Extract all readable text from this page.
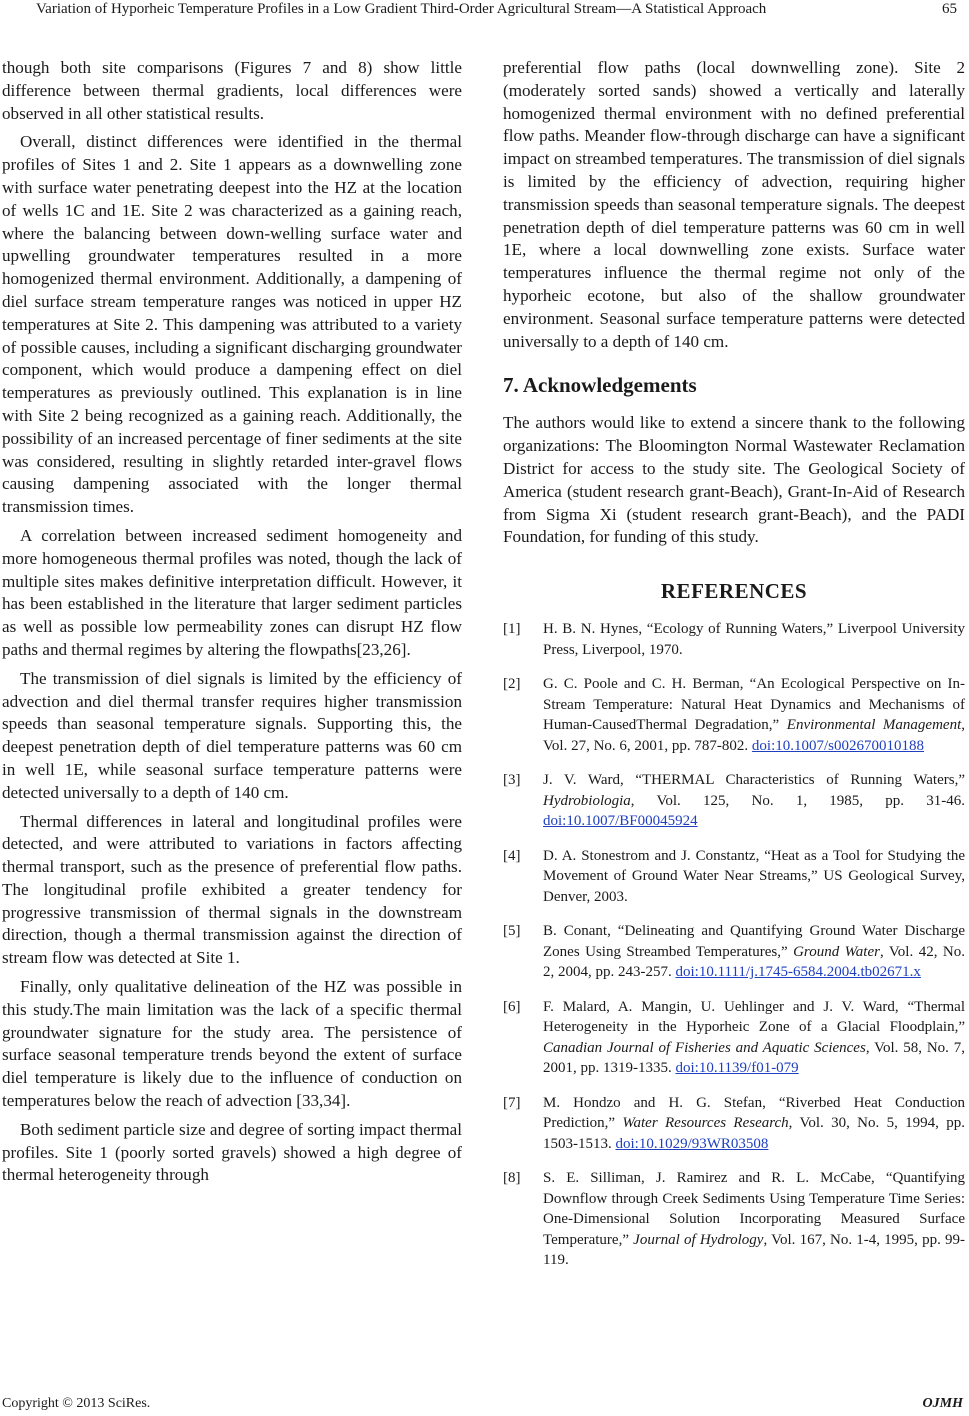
Variation of Hyporheic Temperature Profiles in a Low Gradient Third-Order Agricultural Stream—A Statistical Approach	65

though both site comparisons (Figures 7 and 8) show little difference between thermal gradients, local differences were observed in all other statistical results.

Overall, distinct differences were identified in the thermal profiles of Sites 1 and 2. Site 1 appears as a downwelling zone with surface water penetrating deepest into the HZ at the location of wells 1C and 1E. Site 2 was characterized as a gaining reach, where the balancing between down-welling surface water and upwelling groundwater temperatures resulted in a more homogenized thermal environment. Additionally, a dampening of diel surface stream temperature ranges was noticed in upper HZ temperatures at Site 2. This dampening was attributed to a variety of possible causes, including a significant discharging groundwater component, which would produce a dampening effect on diel temperatures as previously outlined. This explanation is in line with Site 2 being recognized as a gaining reach. Additionally, the possibility of an increased percentage of finer sediments at the site was considered, resulting in slightly retarded inter-gravel flows causing dampening associated with the longer thermal transmission times.

A correlation between increased sediment homogeneity and more homogeneous thermal profiles was noted, though the lack of multiple sites makes definitive interpretation difficult. However, it has been established in the literature that larger sediment particles as well as possible low permeability zones can disrupt HZ flow paths and thermal regimes by altering the flowpaths[23,26].

The transmission of diel signals is limited by the efficiency of advection and diel thermal transfer requires higher transmission speeds than seasonal temperature signals. Supporting this, the deepest penetration depth of diel temperature patterns was 60 cm in well 1E, while seasonal surface temperature patterns were detected universally to a depth of 140 cm.

Thermal differences in lateral and longitudinal profiles were detected, and were attributed to variations in factors affecting thermal transport, such as the presence of preferential flow paths. The longitudinal profile exhibited a greater tendency for progressive transmission of thermal signals in the downstream direction, though a thermal transmission against the direction of stream flow was detected at Site 1.

Finally, only qualitative delineation of the HZ was possible in this study.The main limitation was the lack of a specific thermal groundwater signature for the study area. The persistence of surface seasonal temperature trends beyond the extent of surface diel temperature is likely due to the influence of conduction on temperatures below the reach of advection [33,34].

Both sediment particle size and degree of sorting impact thermal profiles. Site 1 (poorly sorted gravels) showed a high degree of thermal heterogeneity through

preferential flow paths (local downwelling zone). Site 2 (moderately sorted sands) showed a vertically and laterally homogenized thermal environment with no defined preferential flow paths. Meander flow-through discharge can have a significant impact on streambed temperatures. The transmission of diel signals is limited by the efficiency of advection, requiring higher transmission speeds than seasonal temperature signals. The deepest penetration depth of diel temperature patterns was 60 cm in well 1E, where a local downwelling zone exists. Surface water temperatures influence the thermal regime not only of the hyporheic ecotone, but also of the shallow groundwater environment. Seasonal surface temperature patterns were detected universally to a depth of 140 cm.

7. Acknowledgements

The authors would like to extend a sincere thank to the following organizations: The Bloomington Normal Wastewater Reclamation District for access to the study site. The Geological Society of America (student research grant-Beach), Grant-In-Aid of Research from Sigma Xi (student research grant-Beach), and the PADI Foundation, for funding of this study.

REFERENCES
[1]	H. B. N. Hynes, “Ecology of Running Waters,” Liverpool University Press, Liverpool, 1970.
[2]	G. C. Poole and C. H. Berman, “An Ecological Perspective on In-Stream Temperature: Natural Heat Dynamics and Mechanisms of Human-CausedThermal Degradation,” Environmental Management, Vol. 27, No. 6, 2001, pp. 787-802. doi:10.1007/s002670010188
[3]	J. V. Ward, “THERMAL Characteristics of Running Waters,” Hydrobiologia, Vol. 125, No. 1, 1985, pp. 31-46. doi:10.1007/BF00045924
[4]	D. A. Stonestrom and J. Constantz, “Heat as a Tool for Studying the Movement of Ground Water Near Streams,” US Geological Survey, Denver, 2003.
[5]	B. Conant, “Delineating and Quantifying Ground Water Discharge Zones Using Streambed Temperatures,” Ground Water, Vol. 42, No. 2, 2004, pp. 243-257. doi:10.1111/j.1745-6584.2004.tb02671.x
[6]	F. Malard, A. Mangin, U. Uehlinger and J. V. Ward, “Thermal Heterogeneity in the Hyporheic Zone of a Glacial Floodplain,” Canadian Journal of Fisheries and Aquatic Sciences, Vol. 58, No. 7, 2001, pp. 1319-1335. doi:10.1139/f01-079
[7]	M. Hondzo and H. G. Stefan, “Riverbed Heat Conduction Prediction,” Water Resources Research, Vol. 30, No. 5, 1994, pp. 1503-1513. doi:10.1029/93WR03508
[8]	S. E. Silliman, J. Ramirez and R. L. McCabe, “Quantifying Downflow through Creek Sediments Using Temperature Time Series: One-Dimensional Solution Incorporating Measured Surface Temperature,” Journal of Hydrology, Vol. 167, No. 1-4, 1995, pp. 99-119.
Copyright © 2013 SciRes.	OJMH
